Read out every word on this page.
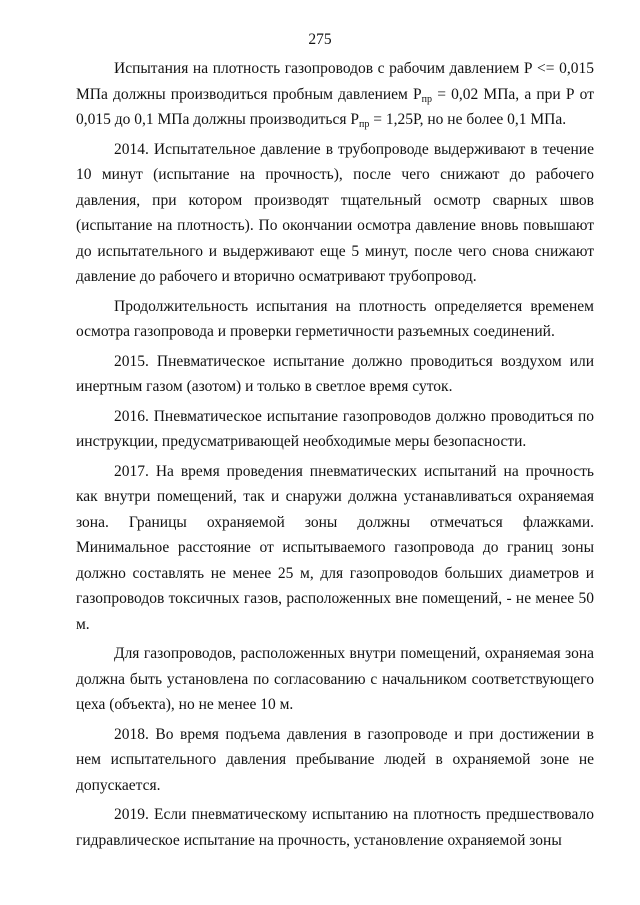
275

Испытания на плотность газопроводов с рабочим давлением Р <= 0,015 МПа должны производиться пробным давлением $Р_{пр} = 0,02$ МПа, а при Р от 0,015 до 0,1 МПа должны производиться $Р_{пр} = 1,25Р$, но не более 0,1 МПа.

2014. Испытательное давление в трубопроводе выдерживают в течение 10 минут (испытание на прочность), после чего снижают до рабочего давления, при котором производят тщательный осмотр сварных швов (испытание на плотность). По окончании осмотра давление вновь повышают до испытательного и выдерживают еще 5 минут, после чего снова снижают давление до рабочего и вторично осматривают трубопровод.

Продолжительность испытания на плотность определяется временем осмотра газопровода и проверки герметичности разъемных соединений.

2015. Пневматическое испытание должно проводиться воздухом или инертным газом (азотом) и только в светлое время суток.

2016. Пневматическое испытание газопроводов должно проводиться по инструкции, предусматривающей необходимые меры безопасности.

2017. На время проведения пневматических испытаний на прочность как внутри помещений, так и снаружи должна устанавливаться охраняемая зона. Границы охраняемой зоны должны отмечаться флажками. Минимальное расстояние от испытываемого газопровода до границ зоны должно составлять не менее 25 м, для газопроводов больших диаметров и газопроводов токсичных газов, расположенных вне помещений, - не менее 50 м.

Для газопроводов, расположенных внутри помещений, охраняемая зона должна быть установлена по согласованию с начальником соответствующего цеха (объекта), но не менее 10 м.

2018. Во время подъема давления в газопроводе и при достижении в нем испытательного давления пребывание людей в охраняемой зоне не допускается.

2019. Если пневматическому испытанию на плотность предшествовало гидравлическое испытание на прочность, установление охраняемой зоны
